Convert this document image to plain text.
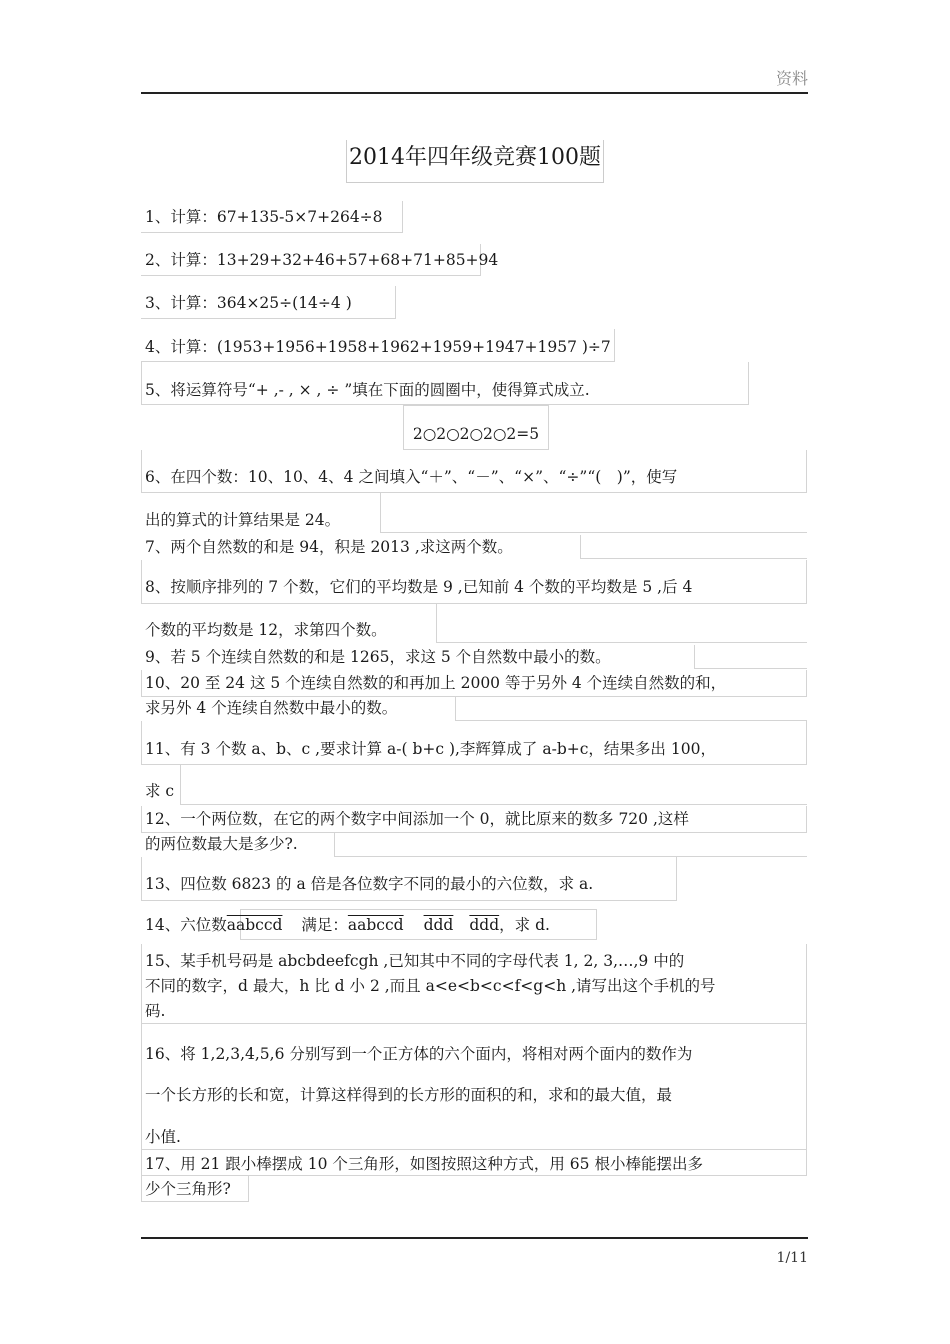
资料
2014年四年级竞赛100题
1、计算：67+135-5×7+264÷8
2、计算：13+29+32+46+57+68+71+85+94
3、计算：364×25÷(14÷4 )
4、计算：(1953+1956+1958+1962+1959+1947+1957 )÷7
5、将运算符号“+ ,- , × , ÷ ”填在下面的圆圈中，使得算式成立.
2○2○2○2○2=5
6、在四个数：10、10、4、4 之间填入“＋”、“－”、“×”、“÷”“(　)”，使写
出的算式的计算结果是 24。
7、两个自然数的和是 94，积是 2013 ,求这两个数。
8、按顺序排列的 7 个数，它们的平均数是 9 ,已知前 4 个数的平均数是 5 ,后 4
个数的平均数是 12，求第四个数。
9、若 5 个连续自然数的和是 1265，求这 5 个自然数中最小的数。
10、20 至 24 这 5 个连续自然数的和再加上 2000 等于另外 4 个连续自然数的和，
求另外 4 个连续自然数中最小的数。
11、有 3 个数 a、b、c ,要求计算 a-( b+c ),李辉算成了 a-b+c，结果多出 100，
求 c
12、一个两位数，在它的两个数字中间添加一个 0，就比原来的数多 720 ,这样
的两位数最大是多少?.
13、四位数 6823 的 a 倍是各位数字不同的最小的六位数，求 a.
14、六位数aabccd 满足：aabccd $\overline{ddd}$ $\overline{ddd}$，求 d.
15、某手机号码是 abcbdeefcgh ,已知其中不同的字母代表 1, 2, 3,…,9 中的
不同的数字，d 最大，h 比 d 小 2 ,而且 a<e<b<c<f<g<h ,请写出这个手机的号
码.
16、将 1,2,3,4,5,6 分别写到一个正方体的六个面内，将相对两个面内的数作为
一个长方形的长和宽，计算这样得到的长方形的面积的和，求和的最大值，最
小值.
17、用 21 跟小棒摆成 10 个三角形，如图按照这种方式，用 65 根小棒能摆出多
少个三角形?
1/11
